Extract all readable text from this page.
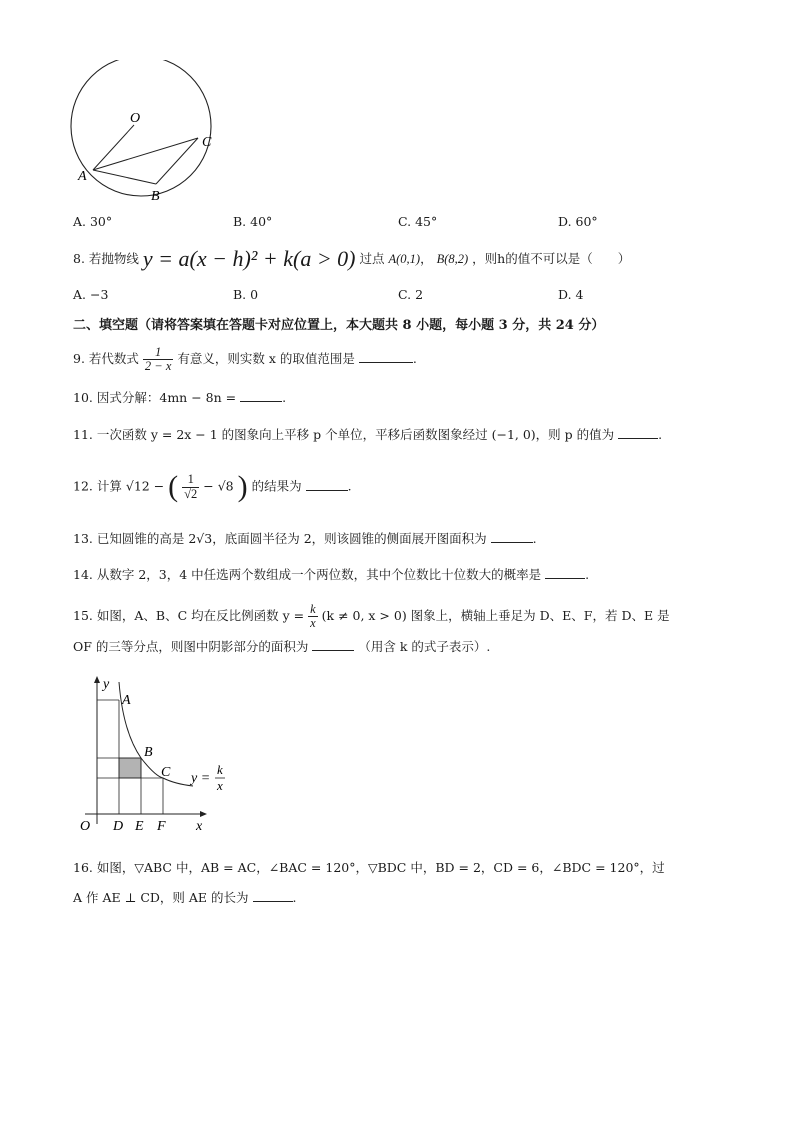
O
C
A
B
A. 30°	B. 40°	C. 45°	D. 60°
8. 若抛物线 y = a(x − h)² + k(a > 0) 过点 A(0,1)， B(8,2) ，则h的值不可以是（　　）
A. −3	B. 0	C. 2	D. 4
二、填空题（请将答案填在答题卡对应位置上，本大题共 8 小题，每小题 3 分，共 24 分）
9. 若代数式 $\frac{1}{2 - x}$ 有意义，则实数 x 的取值范围是	.
10. 因式分解：4mn − 8n =	.
11. 一次函数 y = 2x − 1 的图象向上平移 p 个单位，平移后函数图象经过 (−1, 0)，则 p 的值为	.
12. 计算 √12 − ( $\frac{1}{√2} - √8$ ) 的结果为	.
13. 已知圆锥的高是 2√3，底面圆半径为 2，则该圆锥的侧面展开图面积为	.
14. 从数字 2，3，4 中任选两个数组成一个两位数，其中个位数比十位数大的概率是	.
15. 如图，A、B、C 均在反比例函数 $y = \frac{k}{x} (k \ne 0$, x > 0) 图象上，横轴上垂足为 D、E、F，若 D、E 是
OF 的三等分点，则图中阴影部分的面积为	（用含 k 的式子表示）.
y
A
B
C y =
k
x
O D E F x
16. 如图，▽ABC 中，AB = AC，∠BAC = 120°，▽BDC 中，BD = 2，CD = 6，∠BDC = 120°，过
A 作 AE ⊥ CD，则 AE 的长为	.
